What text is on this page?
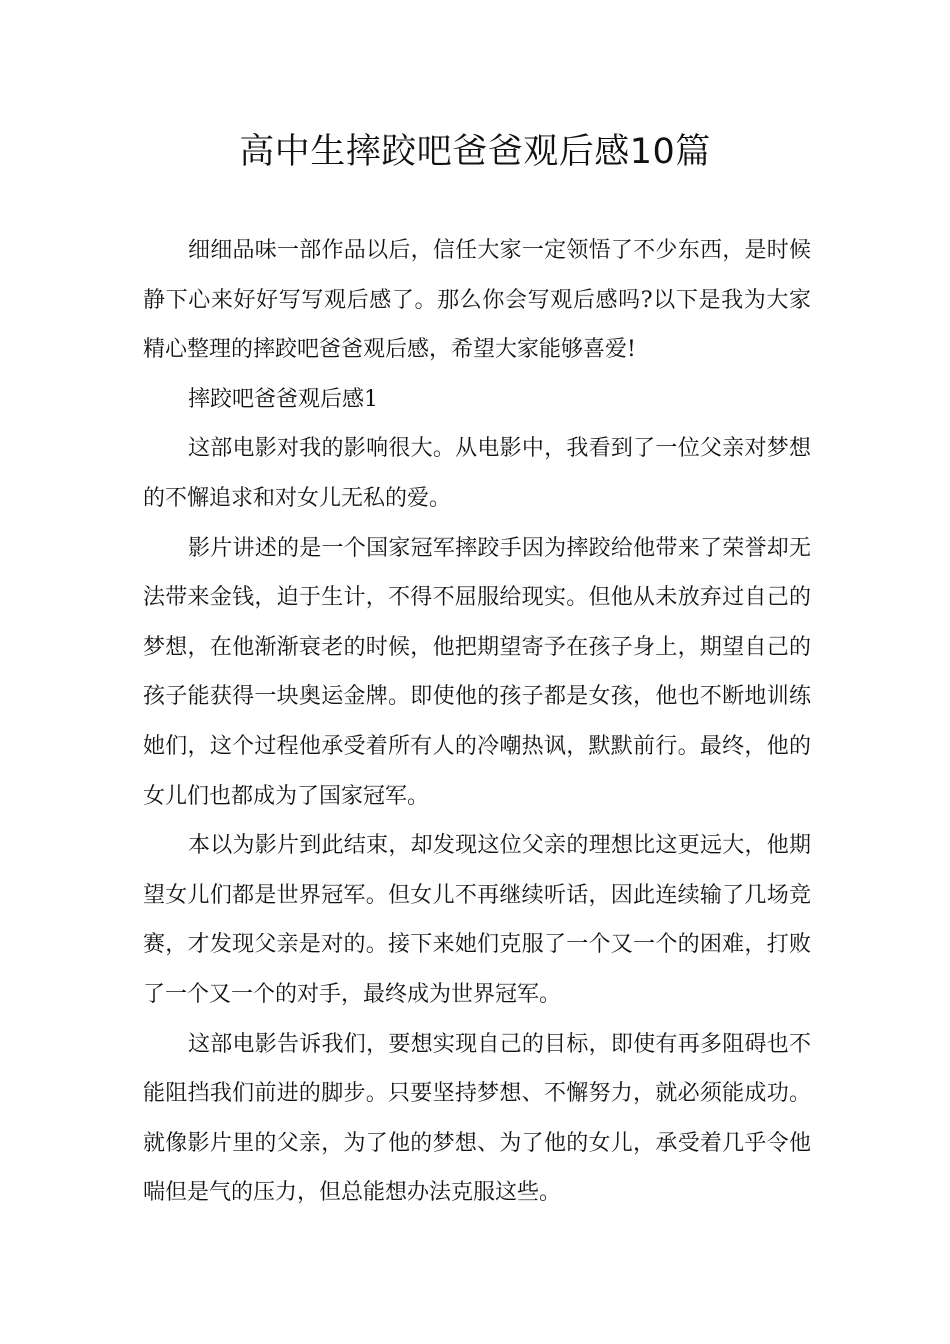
高中生摔跤吧爸爸观后感10篇

细细品味一部作品以后，信任大家一定领悟了不少东西，是时候静下心来好好写写观后感了。那么你会写观后感吗?以下是我为大家精心整理的摔跤吧爸爸观后感，希望大家能够喜爱!

摔跤吧爸爸观后感1

这部电影对我的影响很大。从电影中，我看到了一位父亲对梦想的不懈追求和对女儿无私的爱。

影片讲述的是一个国家冠军摔跤手因为摔跤给他带来了荣誉却无法带来金钱，迫于生计，不得不屈服给现实。但他从未放弃过自己的梦想，在他渐渐衰老的时候，他把期望寄予在孩子身上，期望自己的孩子能获得一块奥运金牌。即使他的孩子都是女孩，他也不断地训练她们，这个过程他承受着所有人的冷嘲热讽，默默前行。最终，他的女儿们也都成为了国家冠军。

本以为影片到此结束，却发现这位父亲的理想比这更远大，他期望女儿们都是世界冠军。但女儿不再继续听话，因此连续输了几场竞赛，才发现父亲是对的。接下来她们克服了一个又一个的困难，打败了一个又一个的对手，最终成为世界冠军。

这部电影告诉我们，要想实现自己的目标，即使有再多阻碍也不能阻挡我们前进的脚步。只要坚持梦想、不懈努力，就必须能成功。就像影片里的父亲，为了他的梦想、为了他的女儿，承受着几乎令他喘但是气的压力，但总能想办法克服这些。
